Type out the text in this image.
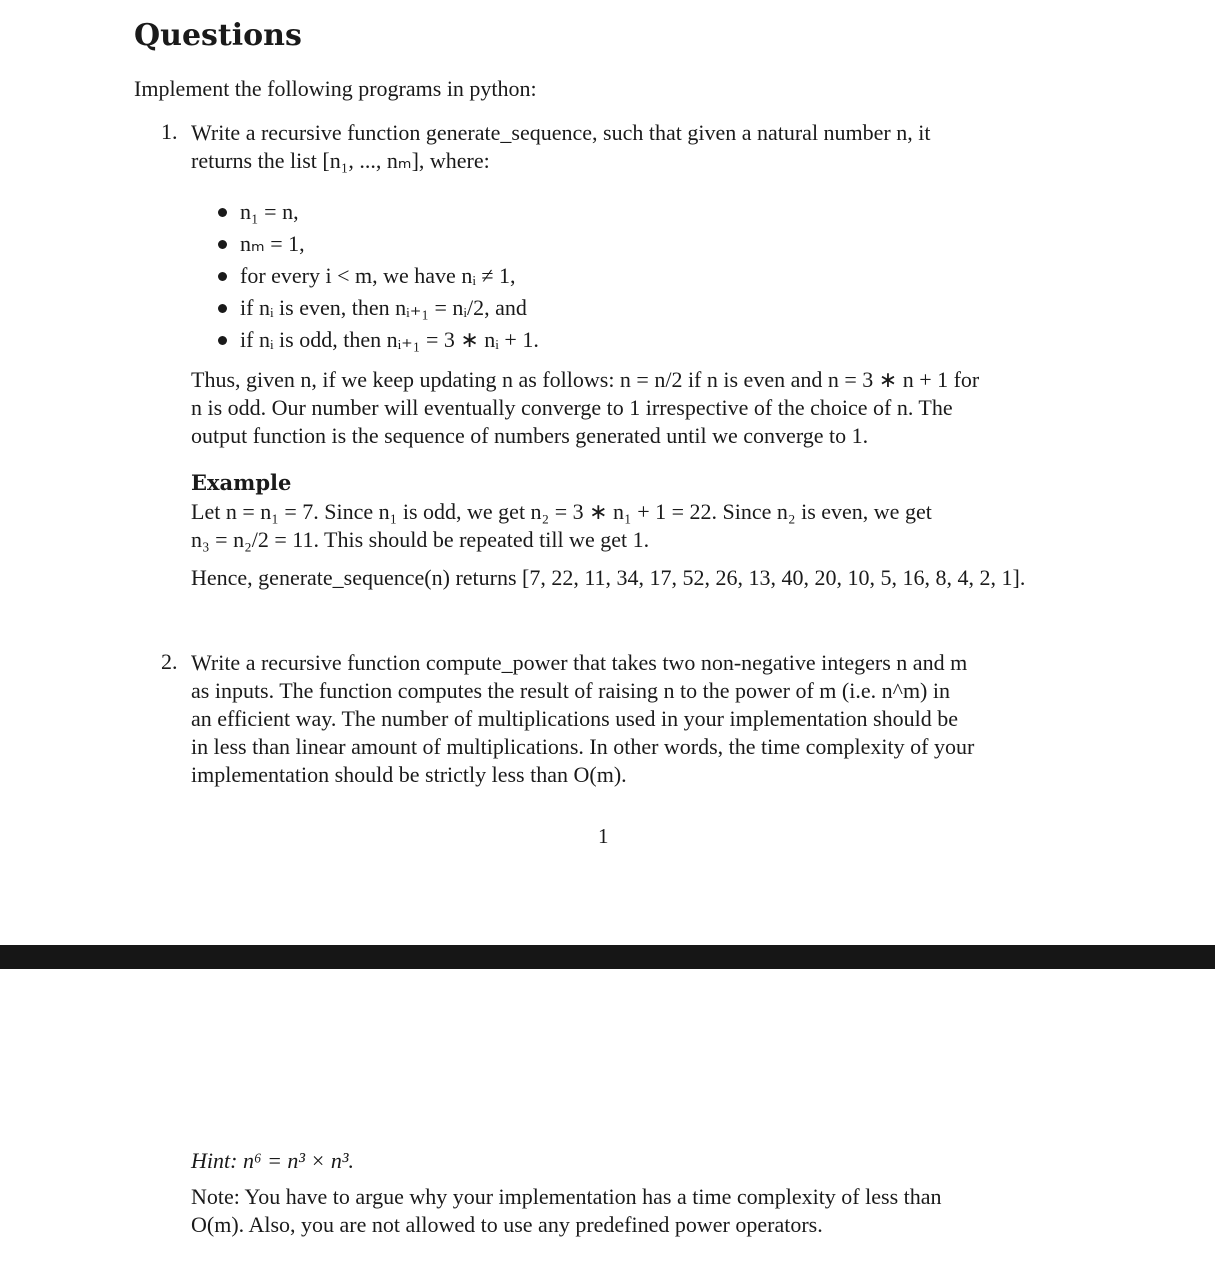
Questions
Implement the following programs in python:
1. Write a recursive function generate_sequence, such that given a natural number n, it
returns the list [n₁, ..., nₘ], where:
n₁ = n,
nₘ = 1,
for every i < m, we have nᵢ ≠ 1,
if nᵢ is even, then nᵢ₊₁ = nᵢ/2, and
if nᵢ is odd, then nᵢ₊₁ = 3 ∗ nᵢ + 1.
Thus, given n, if we keep updating n as follows: n = n/2 if n is even and n = 3 ∗ n + 1 for
n is odd. Our number will eventually converge to 1 irrespective of the choice of n. The
output function is the sequence of numbers generated until we converge to 1.
Example
Let n = n₁ = 7. Since n₁ is odd, we get n₂ = 3 ∗ n₁ + 1 = 22. Since n₂ is even, we get
n₃ = n₂/2 = 11. This should be repeated till we get 1.
Hence, generate_sequence(n) returns [7, 22, 11, 34, 17, 52, 26, 13, 40, 20, 10, 5, 16, 8, 4, 2, 1].
2. Write a recursive function compute_power that takes two non-negative integers n and m
as inputs. The function computes the result of raising n to the power of m (i.e. n^m) in
an efficient way. The number of multiplications used in your implementation should be
in less than linear amount of multiplications. In other words, the time complexity of your
implementation should be strictly less than O(m).
1
Hint: n⁶ = n³ × n³.
Note: You have to argue why your implementation has a time complexity of less than
O(m). Also, you are not allowed to use any predefined power operators.
